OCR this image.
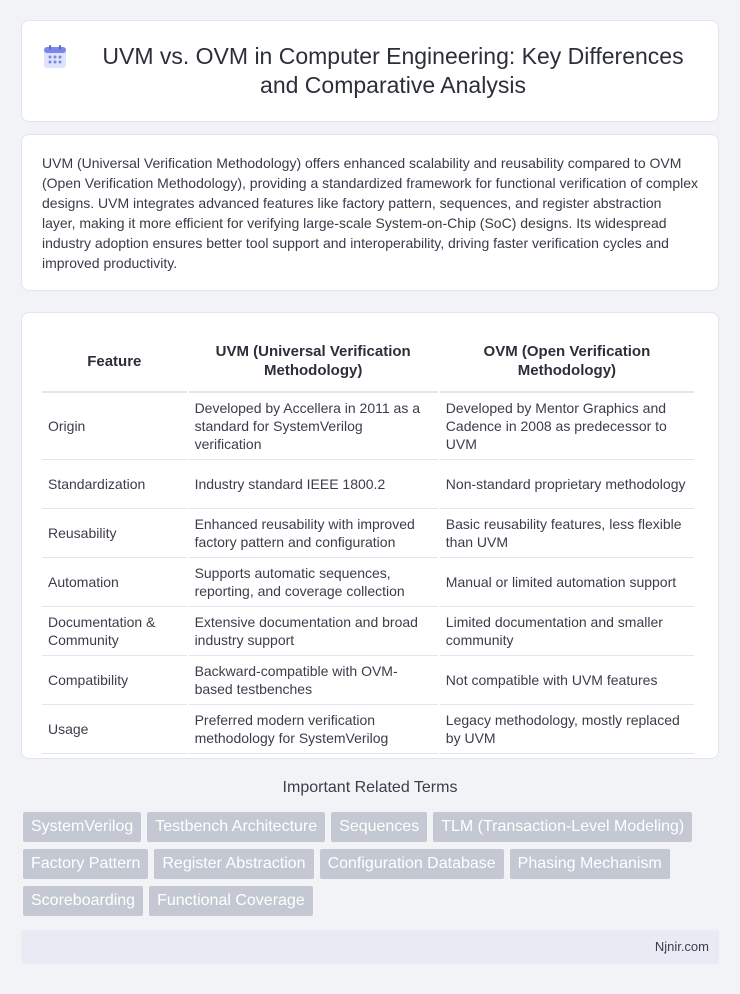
UVM vs. OVM in Computer Engineering: Key Differences and Comparative Analysis

UVM (Universal Verification Methodology) offers enhanced scalability and reusability compared to OVM (Open Verification Methodology), providing a standardized framework for functional verification of complex designs. UVM integrates advanced features like factory pattern, sequences, and register abstraction layer, making it more efficient for verifying large-scale System-on-Chip (SoC) designs. Its widespread industry adoption ensures better tool support and interoperability, driving faster verification cycles and improved productivity.

Feature	UVM (Universal Verification Methodology)	OVM (Open Verification Methodology)
Origin	Developed by Accellera in 2011 as a standard for SystemVerilog verification	Developed by Mentor Graphics and Cadence in 2008 as predecessor to UVM
Standardization	Industry standard IEEE 1800.2	Non-standard proprietary methodology
Reusability	Enhanced reusability with improved factory pattern and configuration	Basic reusability features, less flexible than UVM
Automation	Supports automatic sequences, reporting, and coverage collection	Manual or limited automation support
Documentation & Community	Extensive documentation and broad industry support	Limited documentation and smaller community
Compatibility	Backward-compatible with OVM-based testbenches	Not compatible with UVM features
Usage	Preferred modern verification methodology for SystemVerilog	Legacy methodology, mostly replaced by UVM
Important Related Terms
SystemVerilog	Testbench Architecture	Sequences	TLM (Transaction-Level Modeling)
Factory Pattern	Register Abstraction	Configuration Database	Phasing Mechanism
Scoreboarding	Functional Coverage
Njnir.com
